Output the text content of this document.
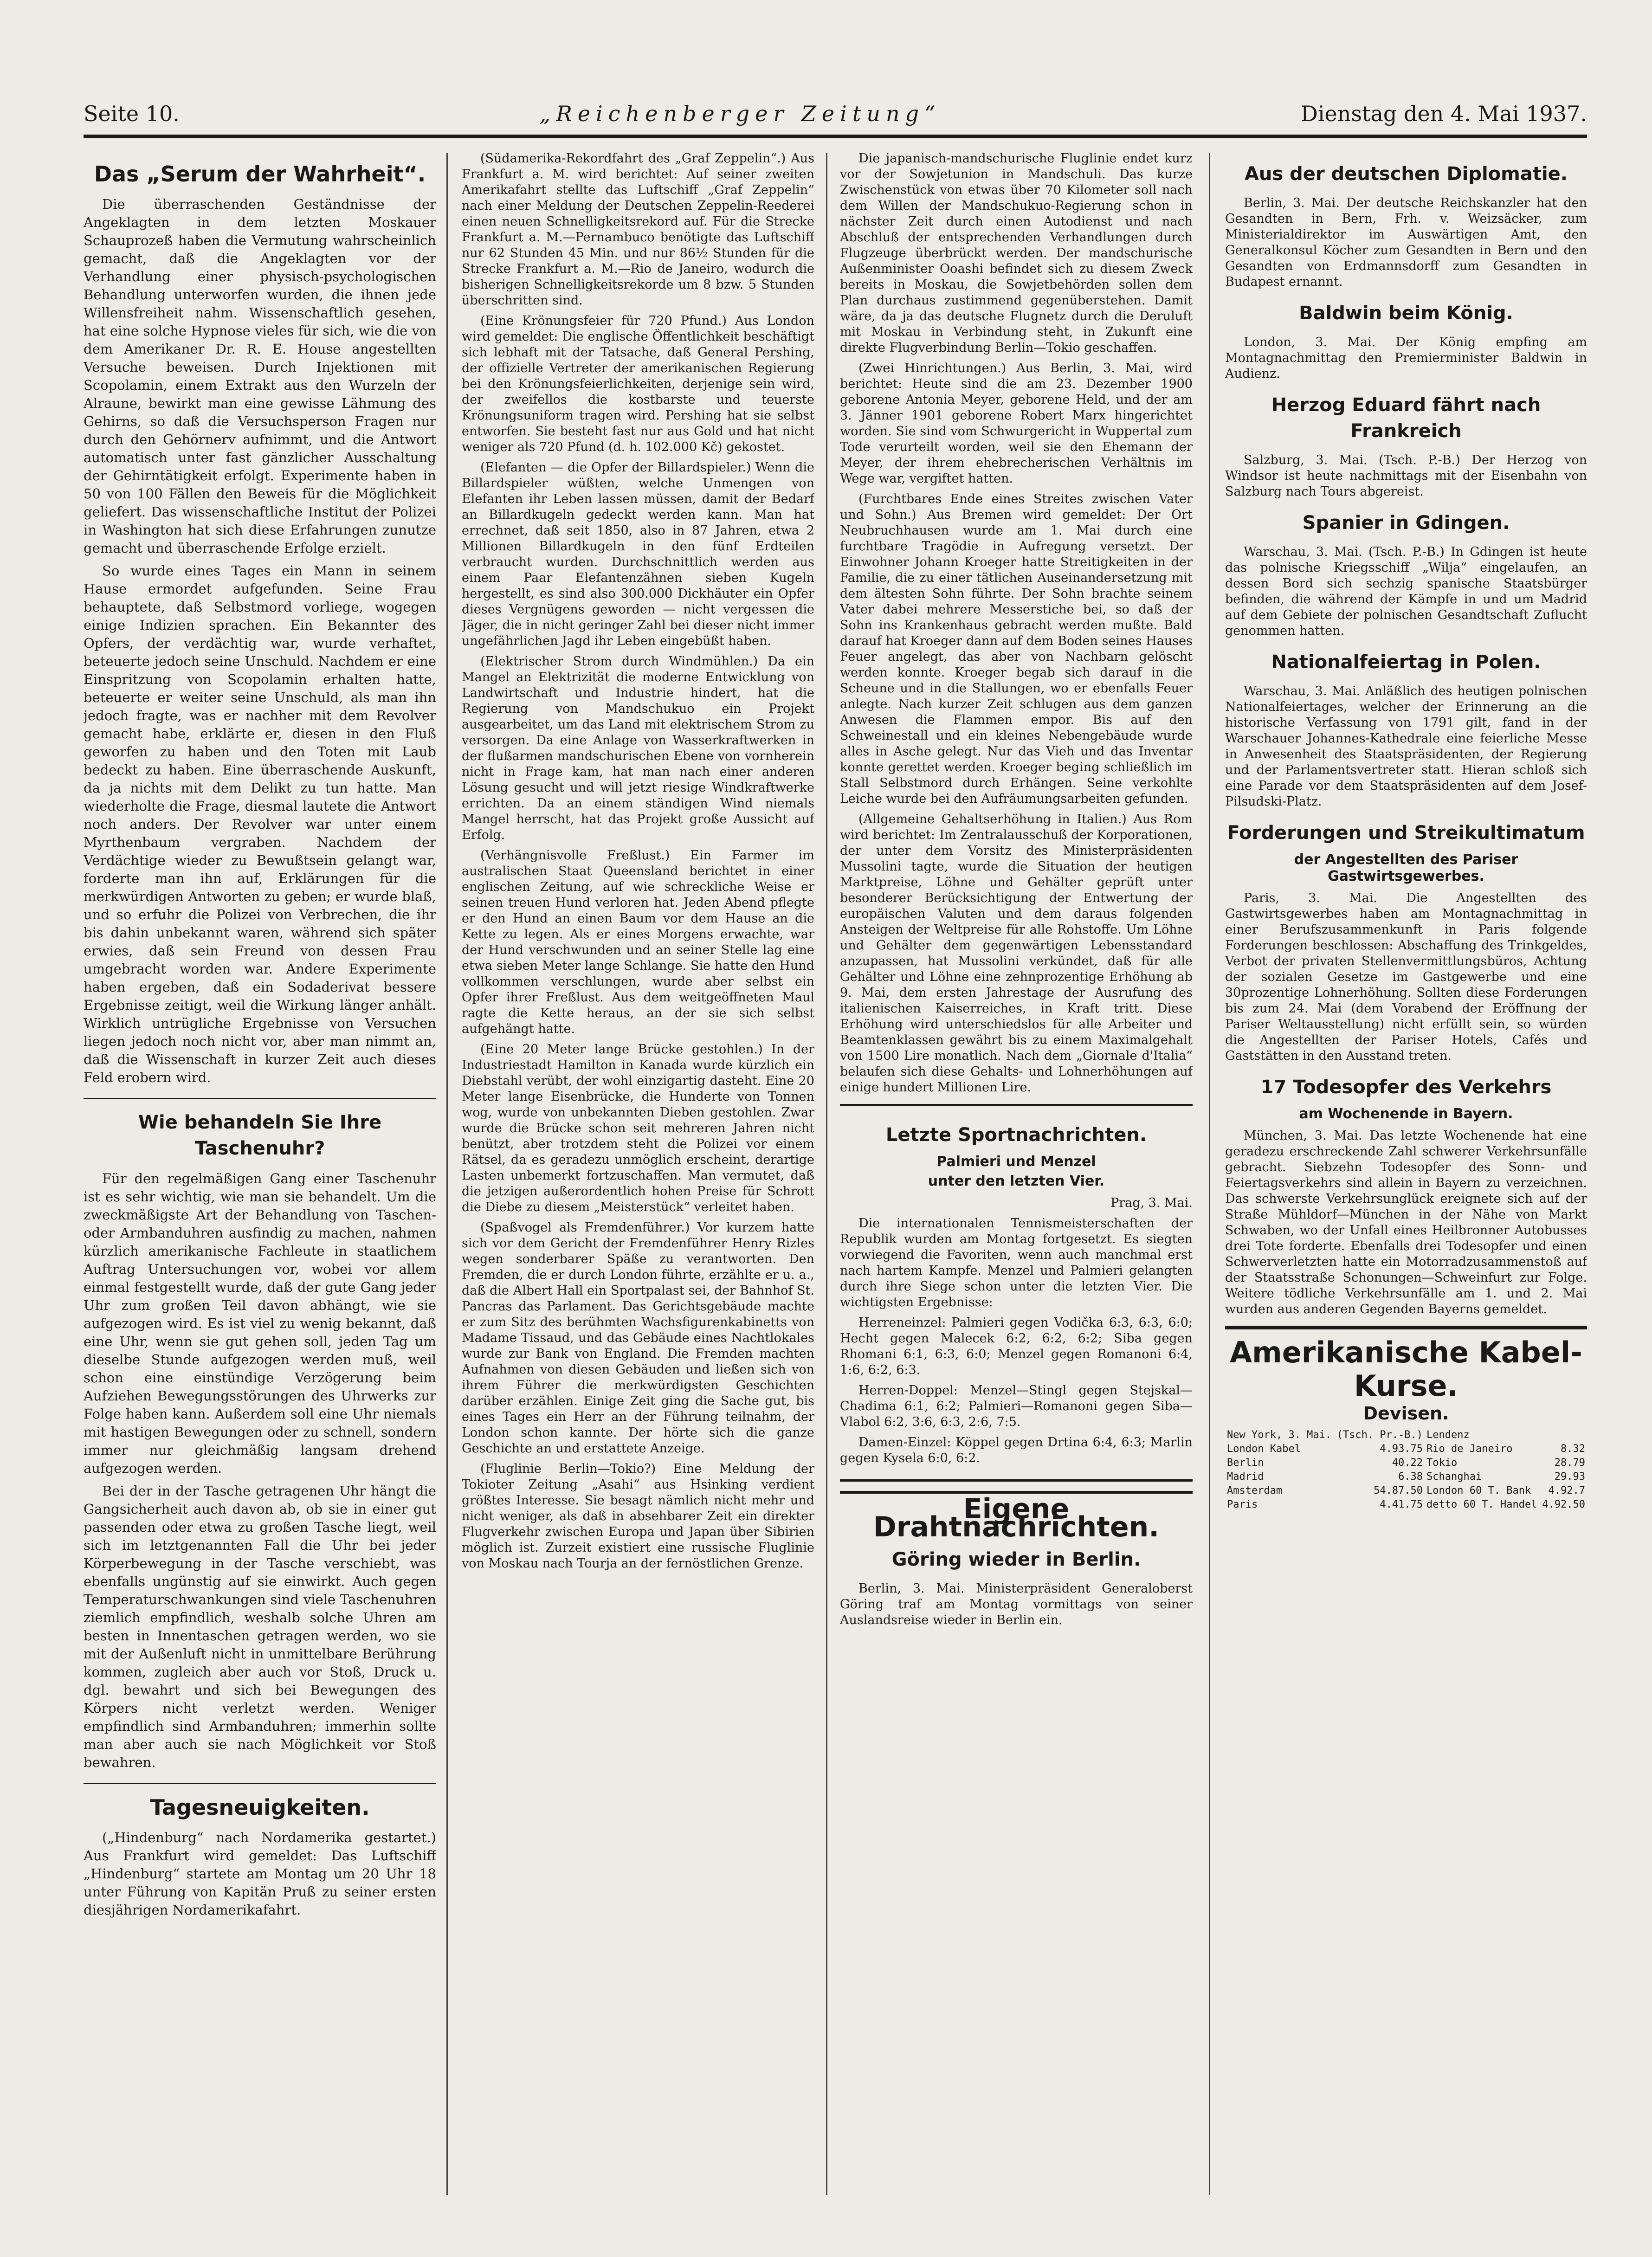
Seite 10.	„Reichenberger Zeitung“	Dienstag den 4. Mai 1937.
Das „Serum der Wahrheit“.

Die überraschenden Geständnisse der Angeklagten in dem letzten Moskauer Schauprozeß haben die Vermutung wahrscheinlich gemacht, daß die Angeklagten vor der Verhandlung einer physisch-psychologischen Behandlung unterworfen wurden, die ihnen jede Willensfreiheit nahm. Wissenschaftlich gesehen, hat eine solche Hypnose vieles für sich, wie die von dem Amerikaner Dr. R. E. House angestellten Versuche beweisen. Durch Injektionen mit Scopolamin, einem Extrakt aus den Wurzeln der Alraune, bewirkt man eine gewisse Lähmung des Gehirns, so daß die Versuchsperson Fragen nur durch den Gehörnerv aufnimmt, und die Antwort automatisch unter fast gänzlicher Ausschaltung der Gehirntätigkeit erfolgt. Experimente haben in 50 von 100 Fällen den Beweis für die Möglichkeit geliefert. Das wissenschaftliche Institut der Polizei in Washington hat sich diese Erfahrungen zunutze gemacht und überraschende Erfolge erzielt.

So wurde eines Tages ein Mann in seinem Hause ermordet aufgefunden. Seine Frau behauptete, daß Selbstmord vorliege, wogegen einige Indizien sprachen. Ein Bekannter des Opfers, der verdächtig war, wurde verhaftet, beteuerte jedoch seine Unschuld. Nachdem er eine Einspritzung von Scopolamin erhalten hatte, beteuerte er weiter seine Unschuld, als man ihn jedoch fragte, was er nachher mit dem Revolver gemacht habe, erklärte er, diesen in den Fluß geworfen zu haben und den Toten mit Laub bedeckt zu haben. Eine überraschende Auskunft, da ja nichts mit dem Delikt zu tun hatte. Man wiederholte die Frage, diesmal lautete die Antwort noch anders. Der Revolver war unter einem Myrthenbaum vergraben. Nachdem der Verdächtige wieder zu Bewußtsein gelangt war, forderte man ihn auf, Erklärungen für die merkwürdigen Antworten zu geben; er wurde blaß, und so erfuhr die Polizei von Verbrechen, die ihr bis dahin unbekannt waren, während sich später erwies, daß sein Freund von dessen Frau umgebracht worden war. Andere Experimente haben ergeben, daß ein Sodaderivat bessere Ergebnisse zeitigt, weil die Wirkung länger anhält. Wirklich untrügliche Ergebnisse von Versuchen liegen jedoch noch nicht vor, aber man nimmt an, daß die Wissenschaft in kurzer Zeit auch dieses Feld erobern wird.

Wie behandeln Sie Ihre Taschenuhr?

Für den regelmäßigen Gang einer Taschenuhr ist es sehr wichtig, wie man sie behandelt. Um die zweckmäßigste Art der Behandlung von Taschen- oder Armbanduhren ausfindig zu machen, nahmen kürzlich amerikanische Fachleute in staatlichem Auftrag Untersuchungen vor, wobei vor allem einmal festgestellt wurde, daß der gute Gang jeder Uhr zum großen Teil davon abhängt, wie sie aufgezogen wird. Es ist viel zu wenig bekannt, daß eine Uhr, wenn sie gut gehen soll, jeden Tag um dieselbe Stunde aufgezogen werden muß, weil schon eine einstündige Verzögerung beim Aufziehen Bewegungsstörungen des Uhrwerks zur Folge haben kann. Außerdem soll eine Uhr niemals mit hastigen Bewegungen oder zu schnell, sondern immer nur gleichmäßig langsam drehend aufgezogen werden.

Bei der in der Tasche getragenen Uhr hängt die Gangsicherheit auch davon ab, ob sie in einer gut passenden oder etwa zu großen Tasche liegt, weil sich im letztgenannten Fall die Uhr bei jeder Körperbewegung in der Tasche verschiebt, was ebenfalls ungünstig auf sie einwirkt. Auch gegen Temperaturschwankungen sind viele Taschenuhren ziemlich empfindlich, weshalb solche Uhren am besten in Innentaschen getragen werden, wo sie mit der Außenluft nicht in unmittelbare Berührung kommen, zugleich aber auch vor Stoß, Druck u. dgl. bewahrt und sich bei Bewegungen des Körpers nicht verletzt werden. Weniger empfindlich sind Armbanduhren; immerhin sollte man aber auch sie nach Möglichkeit vor Stoß bewahren.

Tagesneuigkeiten.

(„Hindenburg“ nach Nordamerika gestartet.) Aus Frankfurt wird gemeldet: Das Luftschiff „Hindenburg“ startete am Montag um 20 Uhr 18 unter Führung von Kapitän Pruß zu seiner ersten diesjährigen Nordamerikafahrt.

(Südamerika-Rekordfahrt des „Graf Zeppelin“.) Aus Frankfurt a. M. wird berichtet: Auf seiner zweiten Amerikafahrt stellte das Luftschiff „Graf Zeppelin“ nach einer Meldung der Deutschen Zeppelin-Reederei einen neuen Schnelligkeitsrekord auf. Für die Strecke Frankfurt a. M.—Pernambuco benötigte das Luftschiff nur 62 Stunden 45 Min. und nur 86½ Stunden für die Strecke Frankfurt a. M.—Rio de Janeiro, wodurch die bisherigen Schnelligkeitsrekorde um 8 bzw. 5 Stunden überschritten sind.

(Eine Krönungsfeier für 720 Pfund.) Aus London wird gemeldet: Die englische Öffentlichkeit beschäftigt sich lebhaft mit der Tatsache, daß General Pershing, der offizielle Vertreter der amerikanischen Regierung bei den Krönungsfeierlichkeiten, derjenige sein wird, der zweifellos die kostbarste und teuerste Krönungsuniform tragen wird. Pershing hat sie selbst entworfen. Sie besteht fast nur aus Gold und hat nicht weniger als 720 Pfund (d. h. 102.000 Kč) gekostet.

(Elefanten — die Opfer der Billardspieler.) Wenn die Billardspieler wüßten, welche Unmengen von Elefanten ihr Leben lassen müssen, damit der Bedarf an Billardkugeln gedeckt werden kann. Man hat errechnet, daß seit 1850, also in 87 Jahren, etwa 2 Millionen Billardkugeln in den fünf Erdteilen verbraucht wurden. Durchschnittlich werden aus einem Paar Elefantenzähnen sieben Kugeln hergestellt, es sind also 300.000 Dickhäuter ein Opfer dieses Vergnügens geworden — nicht vergessen die Jäger, die in nicht geringer Zahl bei dieser nicht immer ungefährlichen Jagd ihr Leben eingebüßt haben.

(Elektrischer Strom durch Windmühlen.) Da ein Mangel an Elektrizität die moderne Entwicklung von Landwirtschaft und Industrie hindert, hat die Regierung von Mandschukuo ein Projekt ausgearbeitet, um das Land mit elektrischem Strom zu versorgen. Da eine Anlage von Wasserkraftwerken in der flußarmen mandschurischen Ebene von vornherein nicht in Frage kam, hat man nach einer anderen Lösung gesucht und will jetzt riesige Windkraftwerke errichten. Da an einem ständigen Wind niemals Mangel herrscht, hat das Projekt große Aussicht auf Erfolg.

(Verhängnisvolle Freßlust.) Ein Farmer im australischen Staat Queensland berichtet in einer englischen Zeitung, auf wie schreckliche Weise er seinen treuen Hund verloren hat. Jeden Abend pflegte er den Hund an einen Baum vor dem Hause an die Kette zu legen. Als er eines Morgens erwachte, war der Hund verschwunden und an seiner Stelle lag eine etwa sieben Meter lange Schlange. Sie hatte den Hund vollkommen verschlungen, wurde aber selbst ein Opfer ihrer Freßlust. Aus dem weitgeöffneten Maul ragte die Kette heraus, an der sie sich selbst aufgehängt hatte.

(Eine 20 Meter lange Brücke gestohlen.) In der Industriestadt Hamilton in Kanada wurde kürzlich ein Diebstahl verübt, der wohl einzigartig dasteht. Eine 20 Meter lange Eisenbrücke, die Hunderte von Tonnen wog, wurde von unbekannten Dieben gestohlen. Zwar wurde die Brücke schon seit mehreren Jahren nicht benützt, aber trotzdem steht die Polizei vor einem Rätsel, da es geradezu unmöglich erscheint, derartige Lasten unbemerkt fortzuschaffen. Man vermutet, daß die jetzigen außerordentlich hohen Preise für Schrott die Diebe zu diesem „Meisterstück“ verleitet haben.

(Spaßvogel als Fremdenführer.) Vor kurzem hatte sich vor dem Gericht der Fremdenführer Henry Rizles wegen sonderbarer Späße zu verantworten. Den Fremden, die er durch London führte, erzählte er u. a., daß die Albert Hall ein Sportpalast sei, der Bahnhof St. Pancras das Parlament. Das Gerichtsgebäude machte er zum Sitz des berühmten Wachsfigurenkabinetts von Madame Tissaud, und das Gebäude eines Nachtlokales wurde zur Bank von England. Die Fremden machten Aufnahmen von diesen Gebäuden und ließen sich von ihrem Führer die merkwürdigsten Geschichten darüber erzählen. Einige Zeit ging die Sache gut, bis eines Tages ein Herr an der Führung teilnahm, der London schon kannte. Der hörte sich die ganze Geschichte an und erstattete Anzeige.

(Fluglinie Berlin—Tokio?) Eine Meldung der Tokioter Zeitung „Asahi“ aus Hsinking verdient größtes Interesse. Sie besagt nämlich nicht mehr und nicht weniger, als daß in absehbarer Zeit ein direkter Flugverkehr zwischen Europa und Japan über Sibirien möglich ist. Zurzeit existiert eine russische Fluglinie von Moskau nach Tourja an der fernöstlichen Grenze.

Die japanisch-mandschurische Fluglinie endet kurz vor der Sowjetunion in Mandschuli. Das kurze Zwischenstück von etwas über 70 Kilometer soll nach dem Willen der Mandschukuo-Regierung schon in nächster Zeit durch einen Autodienst und nach Abschluß der entsprechenden Verhandlungen durch Flugzeuge überbrückt werden. Der mandschurische Außenminister Ooashi befindet sich zu diesem Zweck bereits in Moskau, die Sowjetbehörden sollen dem Plan durchaus zustimmend gegenüberstehen. Damit wäre, da ja das deutsche Flugnetz durch die Deruluft mit Moskau in Verbindung steht, in Zukunft eine direkte Flugverbindung Berlin—Tokio geschaffen.

(Zwei Hinrichtungen.) Aus Berlin, 3. Mai, wird berichtet: Heute sind die am 23. Dezember 1900 geborene Antonia Meyer, geborene Held, und der am 3. Jänner 1901 geborene Robert Marx hingerichtet worden. Sie sind vom Schwurgericht in Wuppertal zum Tode verurteilt worden, weil sie den Ehemann der Meyer, der ihrem ehebrecherischen Verhältnis im Wege war, vergiftet hatten.

(Furchtbares Ende eines Streites zwischen Vater und Sohn.) Aus Bremen wird gemeldet: Der Ort Neubruchhausen wurde am 1. Mai durch eine furchtbare Tragödie in Aufregung versetzt. Der Einwohner Johann Kroeger hatte Streitigkeiten in der Familie, die zu einer tätlichen Auseinandersetzung mit dem ältesten Sohn führte. Der Sohn brachte seinem Vater dabei mehrere Messerstiche bei, so daß der Sohn ins Krankenhaus gebracht werden mußte. Bald darauf hat Kroeger dann auf dem Boden seines Hauses Feuer angelegt, das aber von Nachbarn gelöscht werden konnte. Kroeger begab sich darauf in die Scheune und in die Stallungen, wo er ebenfalls Feuer anlegte. Nach kurzer Zeit schlugen aus dem ganzen Anwesen die Flammen empor. Bis auf den Schweinestall und ein kleines Nebengebäude wurde alles in Asche gelegt. Nur das Vieh und das Inventar konnte gerettet werden. Kroeger beging schließlich im Stall Selbstmord durch Erhängen. Seine verkohlte Leiche wurde bei den Aufräumungsarbeiten gefunden.

(Allgemeine Gehaltserhöhung in Italien.) Aus Rom wird berichtet: Im Zentralausschuß der Korporationen, der unter dem Vorsitz des Ministerpräsidenten Mussolini tagte, wurde die Situation der heutigen Marktpreise, Löhne und Gehälter geprüft unter besonderer Berücksichtigung der Entwertung der europäischen Valuten und dem daraus folgenden Ansteigen der Weltpreise für alle Rohstoffe. Um Löhne und Gehälter dem gegenwärtigen Lebensstandard anzupassen, hat Mussolini verkündet, daß für alle Gehälter und Löhne eine zehnprozentige Erhöhung ab 9. Mai, dem ersten Jahrestage der Ausrufung des italienischen Kaiserreiches, in Kraft tritt. Diese Erhöhung wird unterschiedslos für alle Arbeiter und Beamtenklassen gewährt bis zu einem Maximalgehalt von 1500 Lire monatlich. Nach dem „Giornale d'Italia“ belaufen sich diese Gehalts- und Lohnerhöhungen auf einige hundert Millionen Lire.

Letzte Sportnachrichten.
Palmieri und Menzel
unter den letzten Vier.

Prag, 3. Mai.

Die internationalen Tennismeisterschaften der Republik wurden am Montag fortgesetzt. Es siegten vorwiegend die Favoriten, wenn auch manchmal erst nach hartem Kampfe. Menzel und Palmieri gelangten durch ihre Siege schon unter die letzten Vier. Die wichtigsten Ergebnisse:

Herreneinzel: Palmieri gegen Vodička 6:3, 6:3, 6:0; Hecht gegen Malecek 6:2, 6:2, 6:2; Siba gegen Rhomani 6:1, 6:3, 6:0; Menzel gegen Romanoni 6:4, 1:6, 6:2, 6:3.

Herren-Doppel: Menzel—Stingl gegen Stejskal—Chadima 6:1, 6:2; Palmieri—Romanoni gegen Siba—Vlabol 6:2, 3:6, 6:3, 2:6, 7:5.

Damen-Einzel: Köppel gegen Drtina 6:4, 6:3; Marlin gegen Kysela 6:0, 6:2.

Eigene Drahtnachrichten.
Göring wieder in Berlin.

Berlin, 3. Mai. Ministerpräsident Generaloberst Göring traf am Montag vormittags von seiner Auslandsreise wieder in Berlin ein.

Aus der deutschen Diplomatie.

Berlin, 3. Mai. Der deutsche Reichskanzler hat den Gesandten in Bern, Frh. v. Weizsäcker, zum Ministerialdirektor im Auswärtigen Amt, den Generalkonsul Köcher zum Gesandten in Bern und den Gesandten von Erdmannsdorff zum Gesandten in Budapest ernannt.

Baldwin beim König.

London, 3. Mai. Der König empfing am Montagnachmittag den Premierminister Baldwin in Audienz.

Herzog Eduard fährt nach Frankreich

Salzburg, 3. Mai. (Tsch. P.-B.) Der Herzog von Windsor ist heute nachmittags mit der Eisenbahn von Salzburg nach Tours abgereist.

Spanier in Gdingen.

Warschau, 3. Mai. (Tsch. P.-B.) In Gdingen ist heute das polnische Kriegsschiff „Wilja“ eingelaufen, an dessen Bord sich sechzig spanische Staatsbürger befinden, die während der Kämpfe in und um Madrid auf dem Gebiete der polnischen Gesandtschaft Zuflucht genommen hatten.

Nationalfeiertag in Polen.

Warschau, 3. Mai. Anläßlich des heutigen polnischen Nationalfeiertages, welcher der Erinnerung an die historische Verfassung von 1791 gilt, fand in der Warschauer Johannes-Kathedrale eine feierliche Messe in Anwesenheit des Staatspräsidenten, der Regierung und der Parlamentsvertreter statt. Hieran schloß sich eine Parade vor dem Staatspräsidenten auf dem Josef-Pilsudski-Platz.

Forderungen und Streikultimatum
der Angestellten des Pariser Gastwirtsgewerbes.

Paris, 3. Mai. Die Angestellten des Gastwirtsgewerbes haben am Montagnachmittag in einer Berufszusammenkunft in Paris folgende Forderungen beschlossen: Abschaffung des Trinkgeldes, Verbot der privaten Stellenvermittlungsbüros, Achtung der sozialen Gesetze im Gastgewerbe und eine 30prozentige Lohnerhöhung. Sollten diese Forderungen bis zum 24. Mai (dem Vorabend der Eröffnung der Pariser Weltausstellung) nicht erfüllt sein, so würden die Angestellten der Pariser Hotels, Cafés und Gaststätten in den Ausstand treten.

17 Todesopfer des Verkehrs
am Wochenende in Bayern.

München, 3. Mai. Das letzte Wochenende hat eine geradezu erschreckende Zahl schwerer Verkehrsunfälle gebracht. Siebzehn Todesopfer des Sonn- und Feiertagsverkehrs sind allein in Bayern zu verzeichnen. Das schwerste Verkehrsunglück ereignete sich auf der Straße Mühldorf—München in der Nähe von Markt Schwaben, wo der Unfall eines Heilbronner Autobusses drei Tote forderte. Ebenfalls drei Todesopfer und einen Schwerverletzten hatte ein Motorradzusammenstoß auf der Staatsstraße Schonungen—Schweinfurt zur Folge. Weitere tödliche Verkehrsunfälle am 1. und 2. Mai wurden aus anderen Gegenden Bayerns gemeldet.

Amerikanische Kabel-Kurse.
Devisen.
New York, 3. Mai.	(Tsch. Pr.-B.)	Lendenz	
London Kabel	4.93.75	Rio de Janeiro	8.32
Berlin	40.22	Tokio	28.79
Madrid	6.38	Schanghai	29.93
Amsterdam	54.87.50	London 60 T. Bank	4.92.7
Paris	4.41.75	detto 60 T. Handel	4.92.50
